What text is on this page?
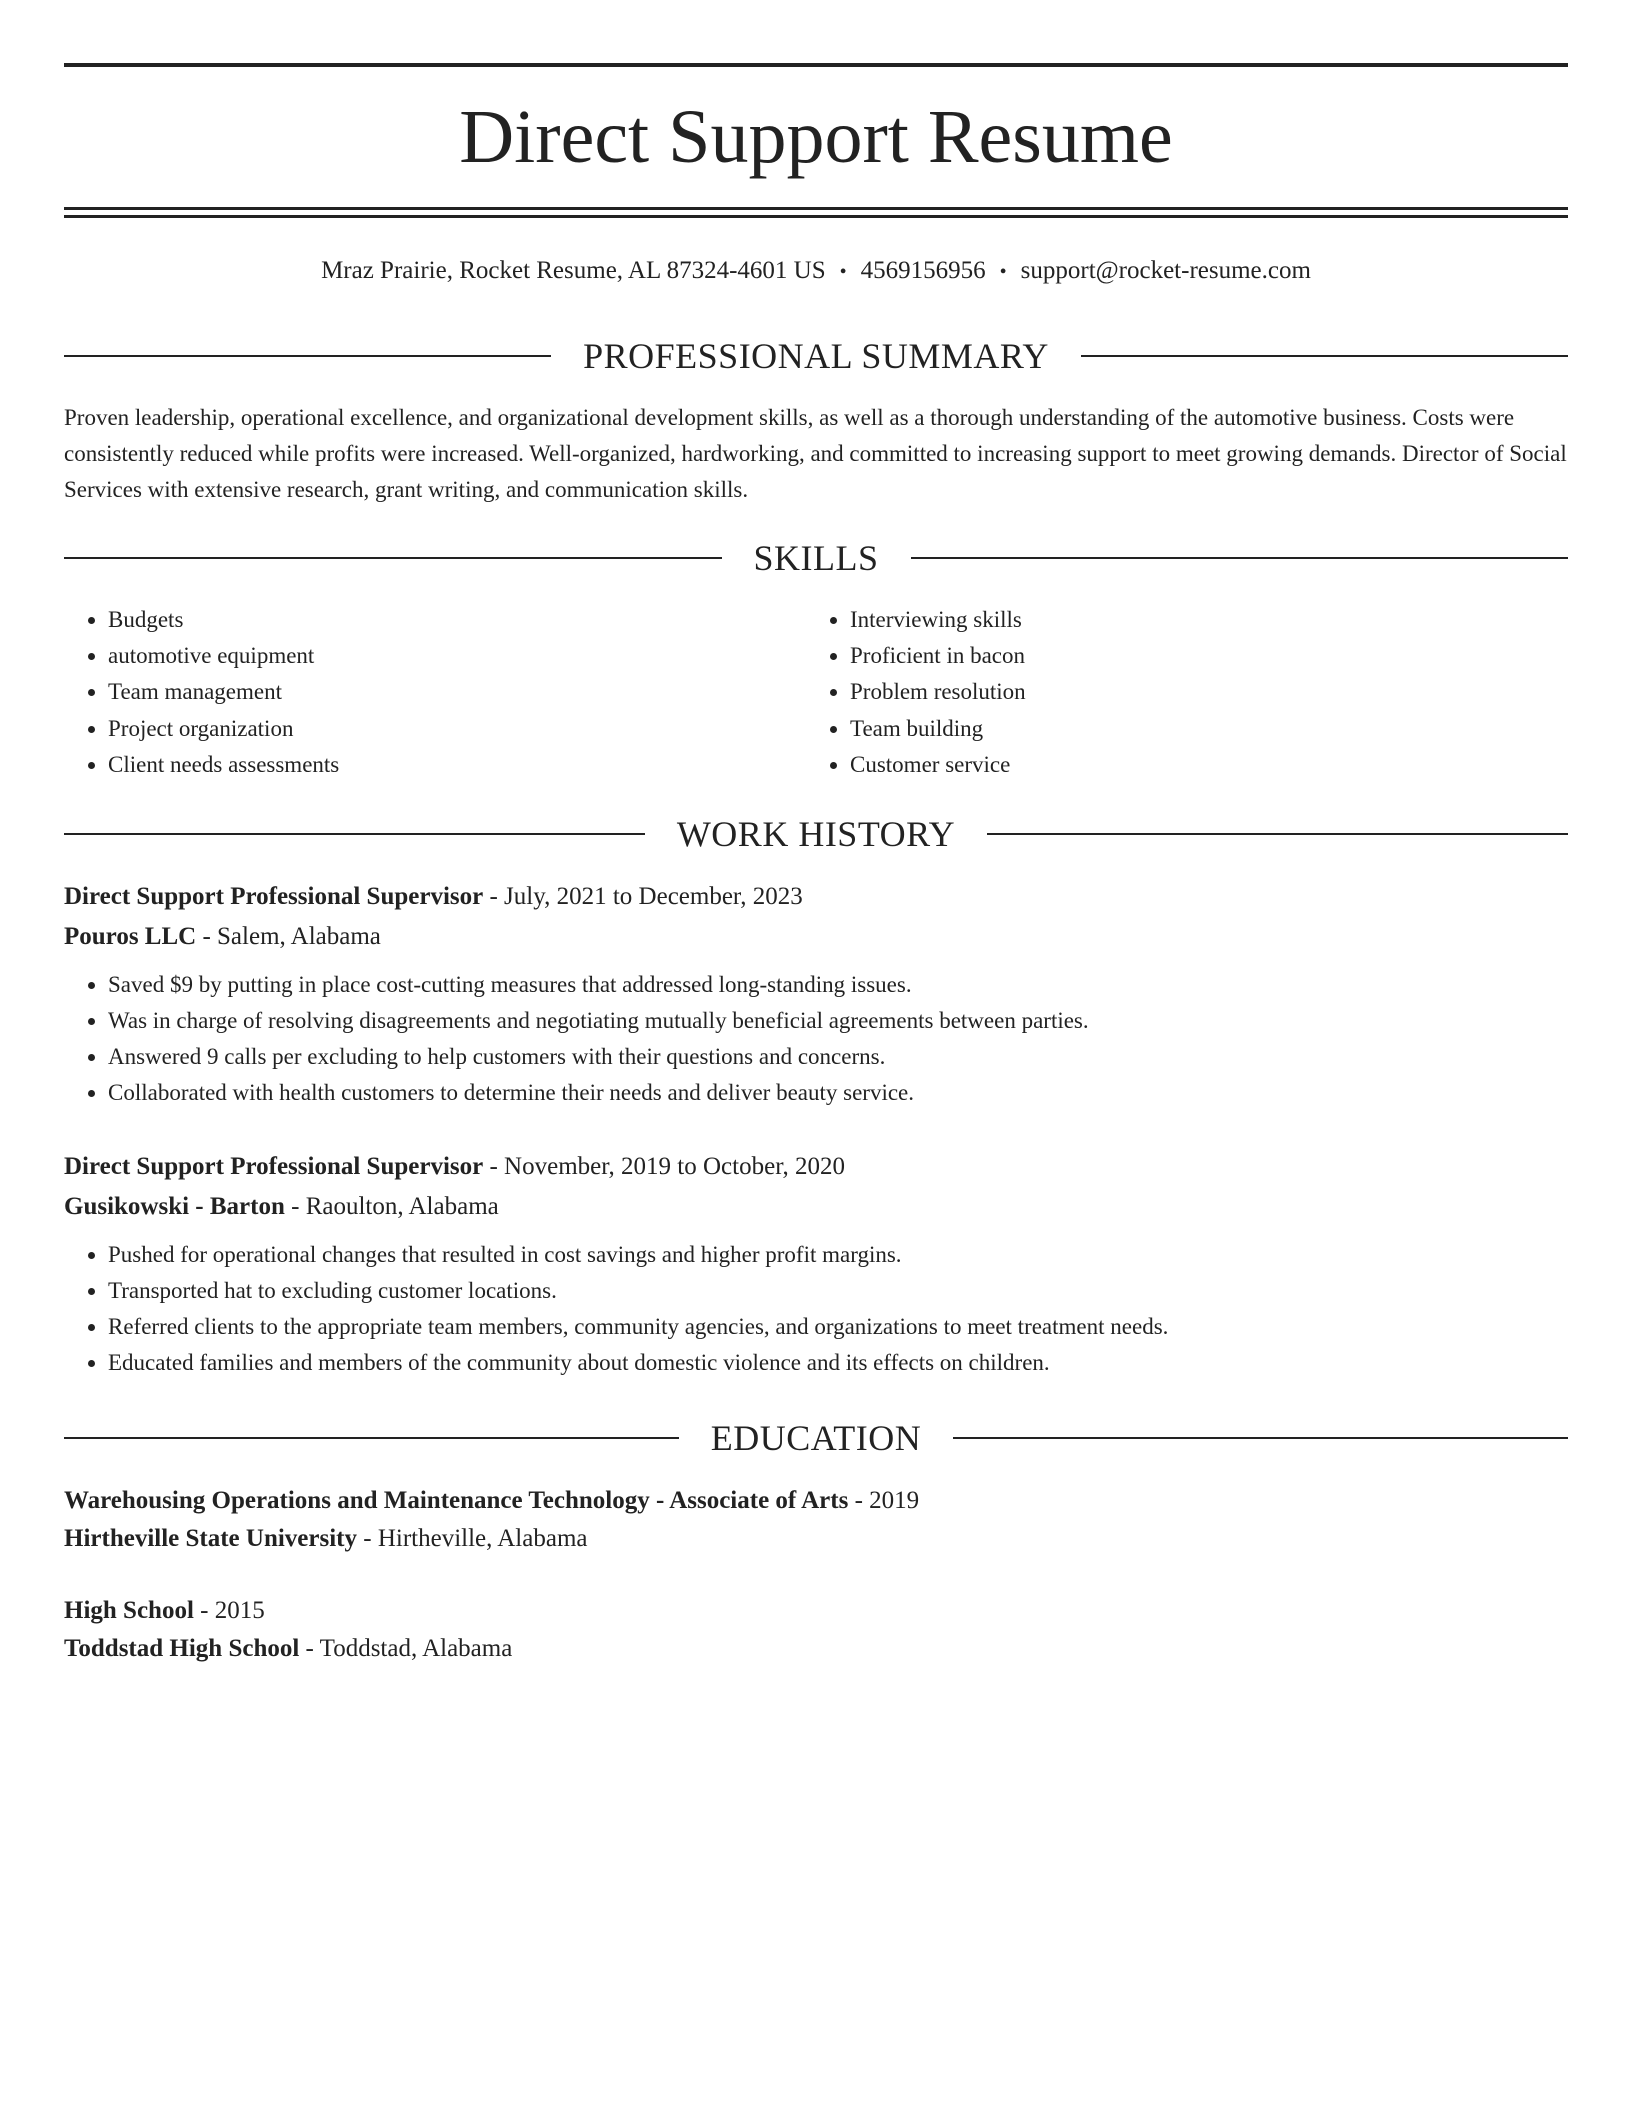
Direct Support Resume
Mraz Prairie, Rocket Resume, AL 87324-4601 US • 4569156956 • support@rocket-resume.com
PROFESSIONAL SUMMARY

Proven leadership, operational excellence, and organizational development skills, as well as a thorough understanding of the automotive business. Costs were consistently reduced while profits were increased. Well-organized, hardworking, and committed to increasing support to meet growing demands. Director of Social Services with extensive research, grant writing, and communication skills.

SKILLS
• Budgets
• automotive equipment
• Team management
• Project organization
• Client needs assessments
• Interviewing skills
• Proficient in bacon
• Problem resolution
• Team building
• Customer service
WORK HISTORY

Direct Support Professional Supervisor - July, 2021 to December, 2023

Pouros LLC - Salem, Alabama

• Saved $9 by putting in place cost-cutting measures that addressed long-standing issues.
• Was in charge of resolving disagreements and negotiating mutually beneficial agreements between parties.
• Answered 9 calls per excluding to help customers with their questions and concerns.
• Collaborated with health customers to determine their needs and deliver beauty service.

Direct Support Professional Supervisor - November, 2019 to October, 2020

Gusikowski - Barton - Raoulton, Alabama

• Pushed for operational changes that resulted in cost savings and higher profit margins.
• Transported hat to excluding customer locations.
• Referred clients to the appropriate team members, community agencies, and organizations to meet treatment needs.
• Educated families and members of the community about domestic violence and its effects on children.
EDUCATION

Warehousing Operations and Maintenance Technology - Associate of Arts - 2019

Hirtheville State University - Hirtheville, Alabama

High School - 2015

Toddstad High School - Toddstad, Alabama
